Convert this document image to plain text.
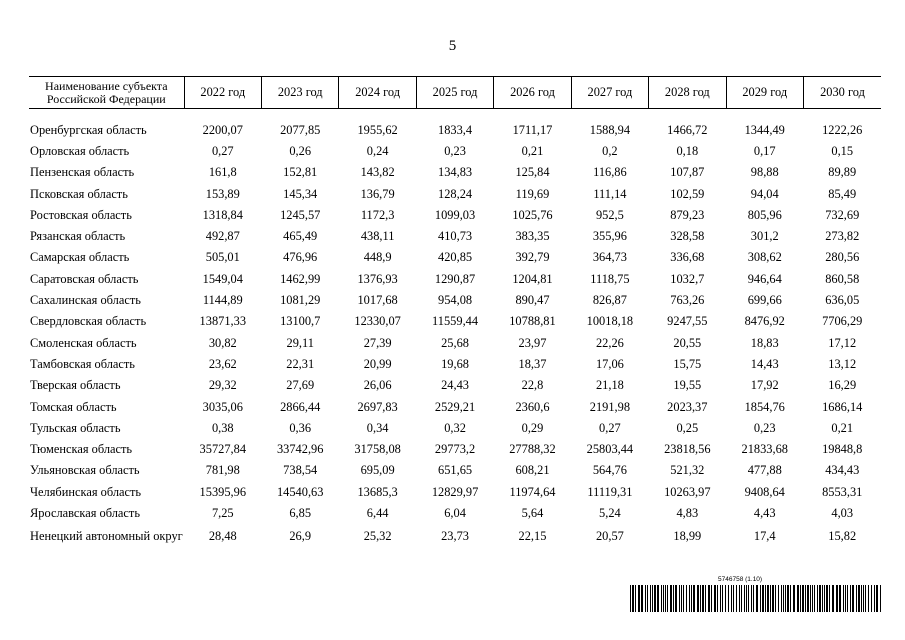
5
Наименование субъекта Российской Федерации	2022 год	2023 год	2024 год	2025 год	2026 год	2027 год	2028 год	2029 год	2030 год

Оренбургская область	2200,07	2077,85	1955,62	1833,4	1711,17	1588,94	1466,72	1344,49	1222,26
Орловская область	0,27	0,26	0,24	0,23	0,21	0,2	0,18	0,17	0,15
Пензенская область	161,8	152,81	143,82	134,83	125,84	116,86	107,87	98,88	89,89
Псковская область	153,89	145,34	136,79	128,24	119,69	111,14	102,59	94,04	85,49
Ростовская область	1318,84	1245,57	1172,3	1099,03	1025,76	952,5	879,23	805,96	732,69
Рязанская область	492,87	465,49	438,11	410,73	383,35	355,96	328,58	301,2	273,82
Самарская область	505,01	476,96	448,9	420,85	392,79	364,73	336,68	308,62	280,56
Саратовская область	1549,04	1462,99	1376,93	1290,87	1204,81	1118,75	1032,7	946,64	860,58
Сахалинская область	1144,89	1081,29	1017,68	954,08	890,47	826,87	763,26	699,66	636,05
Свердловская область	13871,33	13100,7	12330,07	11559,44	10788,81	10018,18	9247,55	8476,92	7706,29
Смоленская область	30,82	29,11	27,39	25,68	23,97	22,26	20,55	18,83	17,12
Тамбовская область	23,62	22,31	20,99	19,68	18,37	17,06	15,75	14,43	13,12
Тверская область	29,32	27,69	26,06	24,43	22,8	21,18	19,55	17,92	16,29
Томская область	3035,06	2866,44	2697,83	2529,21	2360,6	2191,98	2023,37	1854,76	1686,14
Тульская область	0,38	0,36	0,34	0,32	0,29	0,27	0,25	0,23	0,21
Тюменская область	35727,84	33742,96	31758,08	29773,2	27788,32	25803,44	23818,56	21833,68	19848,8
Ульяновская область	781,98	738,54	695,09	651,65	608,21	564,76	521,32	477,88	434,43
Челябинская область	15395,96	14540,63	13685,3	12829,97	11974,64	11119,31	10263,97	9408,64	8553,31
Ярославская область	7,25	6,85	6,44	6,04	5,64	5,24	4,83	4,43	4,03
Ненецкий автономный округ	28,48	26,9	25,32	23,73	22,15	20,57	18,99	17,4	15,82
5746758 (1.10)
